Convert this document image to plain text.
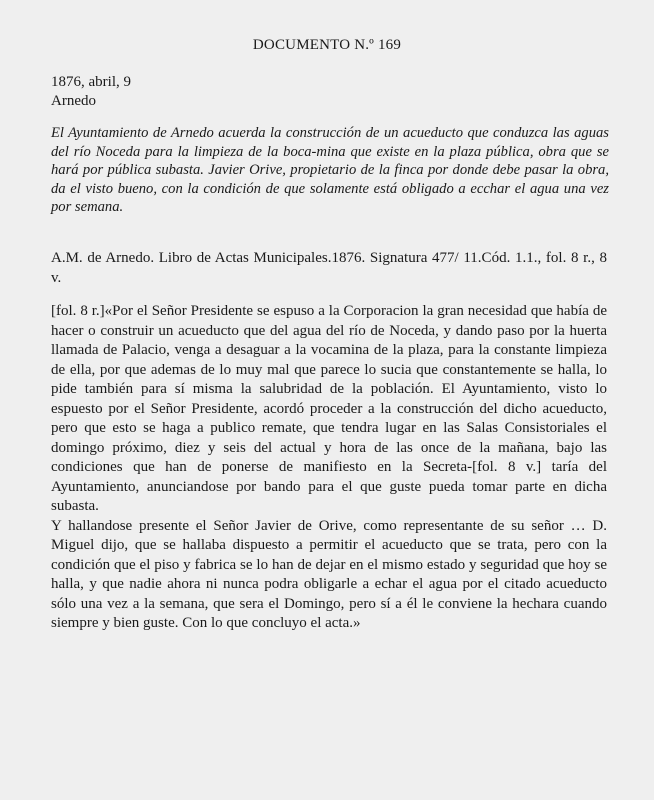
DOCUMENTO N.º 169
1876, abril, 9
Arnedo
El Ayuntamiento de Arnedo acuerda la construcción de un acueducto que conduzca las aguas del río Noceda para la limpieza de la boca-mina que existe en la plaza pública, obra que se hará por pública subasta. Javier Orive, propietario de la finca por donde debe pasar la obra, da el visto bueno, con la condición de que solamente está obligado a ecchar el agua una vez por semana.
A.M. de Arnedo. Libro de Actas Municipales.1876. Signatura 477/ 11.Cód. 1.1., fol. 8 r., 8 v.

[fol. 8 r.]«Por el Señor Presidente se espuso a la Corporacion la gran necesidad que había de hacer o construir un acueducto que del agua del río de Noceda, y dando paso por la huerta llamada de Palacio, venga a desaguar a la vocamina de la plaza, para la constante limpieza de ella, por que ademas de lo muy mal que parece lo sucia que constantemente se halla, lo pide también para sí misma la salubridad de la población. El Ayuntamiento, visto lo espuesto por el Señor Presidente, acordó proceder a la construcción del dicho acueducto, pero que esto se haga a publico remate, que tendra lugar en las Salas Consistoriales el domingo próximo, diez y seis del actual y hora de las once de la mañana, bajo las condiciones que han de ponerse de manifiesto en la Secreta-[fol. 8 v.] taría del Ayuntamiento, anunciandose por bando para el que guste pueda tomar parte en dicha subasta.

Y hallandose presente el Señor Javier de Orive, como representante de su señor … D. Miguel dijo, que se hallaba dispuesto a permitir el acueducto que se trata, pero con la condición que el piso y fabrica se lo han de dejar en el mismo estado y seguridad que hoy se halla, y que nadie ahora ni nunca podra obligarle a echar el agua por el citado acueducto sólo una vez a la semana, que sera el Domingo, pero sí a él le conviene la hechara cuando siempre y bien guste. Con lo que concluyo el acta.»
